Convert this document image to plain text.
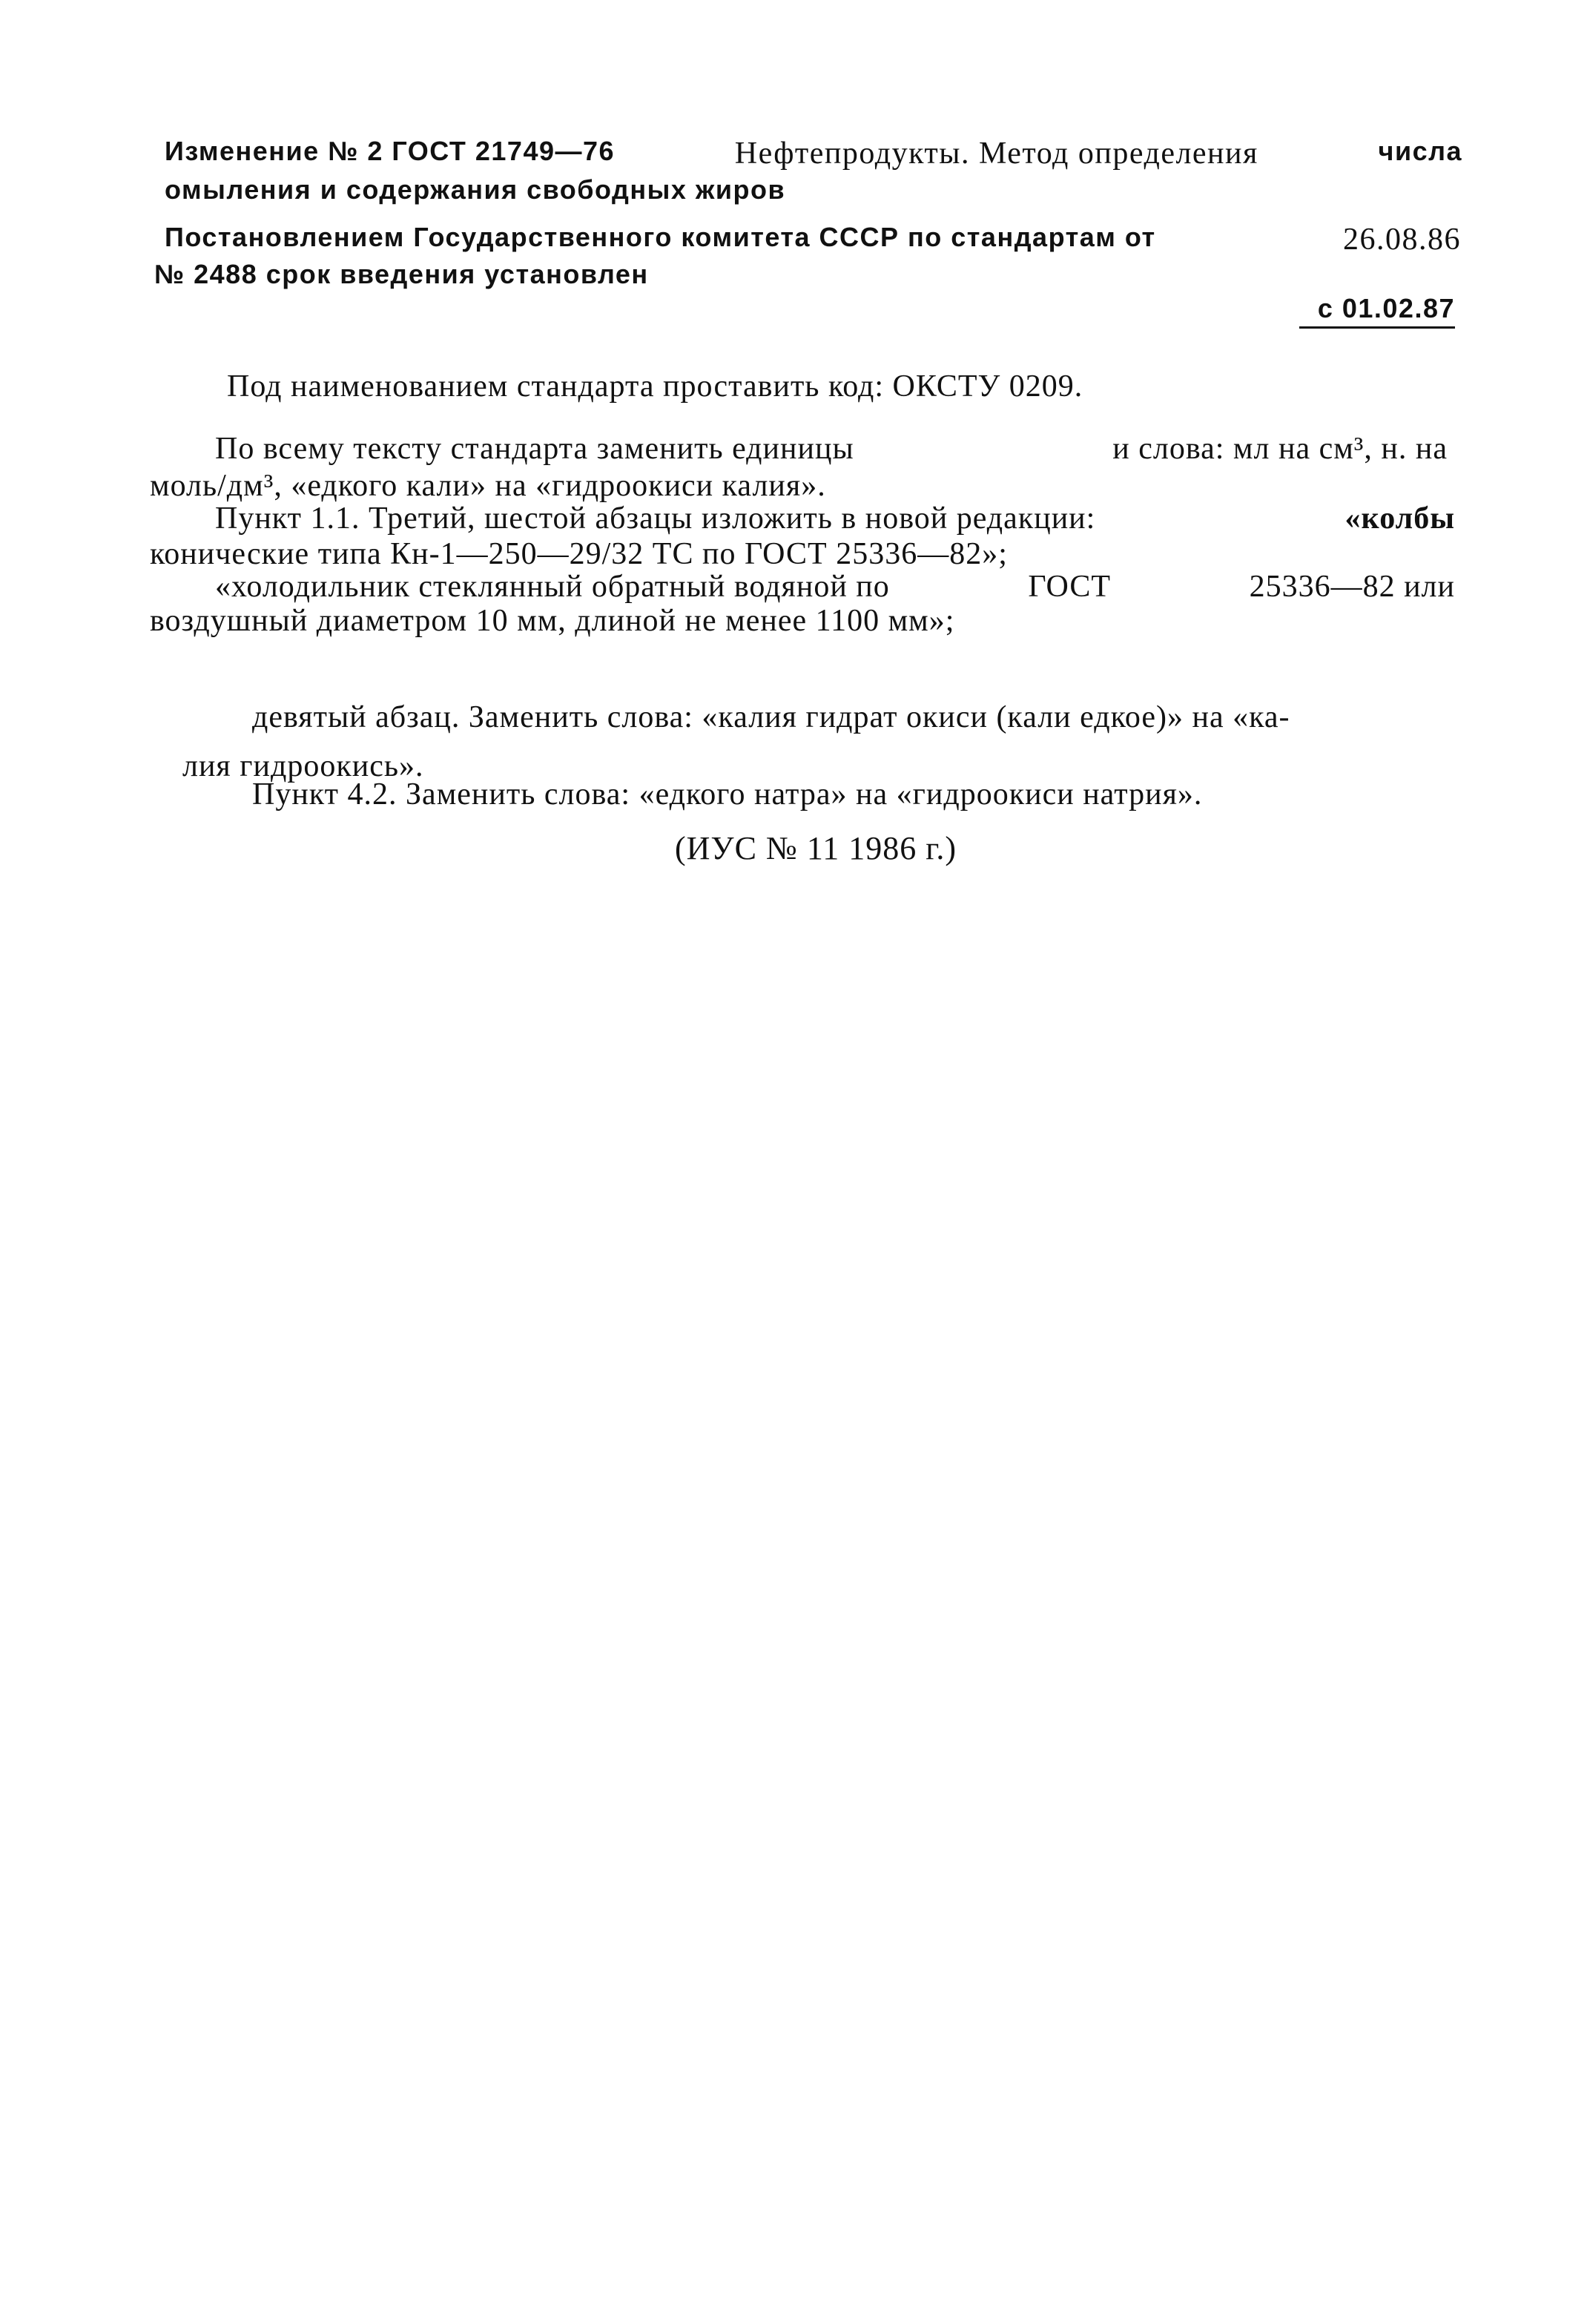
Изменение № 2 ГОСТ 21749—76	Нефтепродукты. Метод определения	числа
омыления и содержания свободных жиров
Постановлением Государственного комитета СССР по стандартам от	26.08.86
№ 2488 срок введения установлен
с 01.02.87
Под наименованием стандарта проставить код: ОКСТУ 0209.
По всему тексту стандарта заменить единицы	и слова: мл на см³, н. на
моль/дм³, «едкого кали» на «гидроокиси калия».
Пункт 1.1. Третий, шестой абзацы изложить в новой редакции:	«колбы
конические типа Кн-1—250—29/32 ТС по ГОСТ 25336—82»;
«холодильник стеклянный обратный водяной по	ГОСТ	25336—82 или
воздушный диаметром 10 мм, длиной не менее 1100 мм»;
девятый абзац. Заменить слова: «калия гидрат окиси (кали едкое)» на «ка-
лия гидроокись».
Пункт 4.2. Заменить слова: «едкого натра» на «гидроокиси натрия».
(ИУС № 11 1986 г.)
